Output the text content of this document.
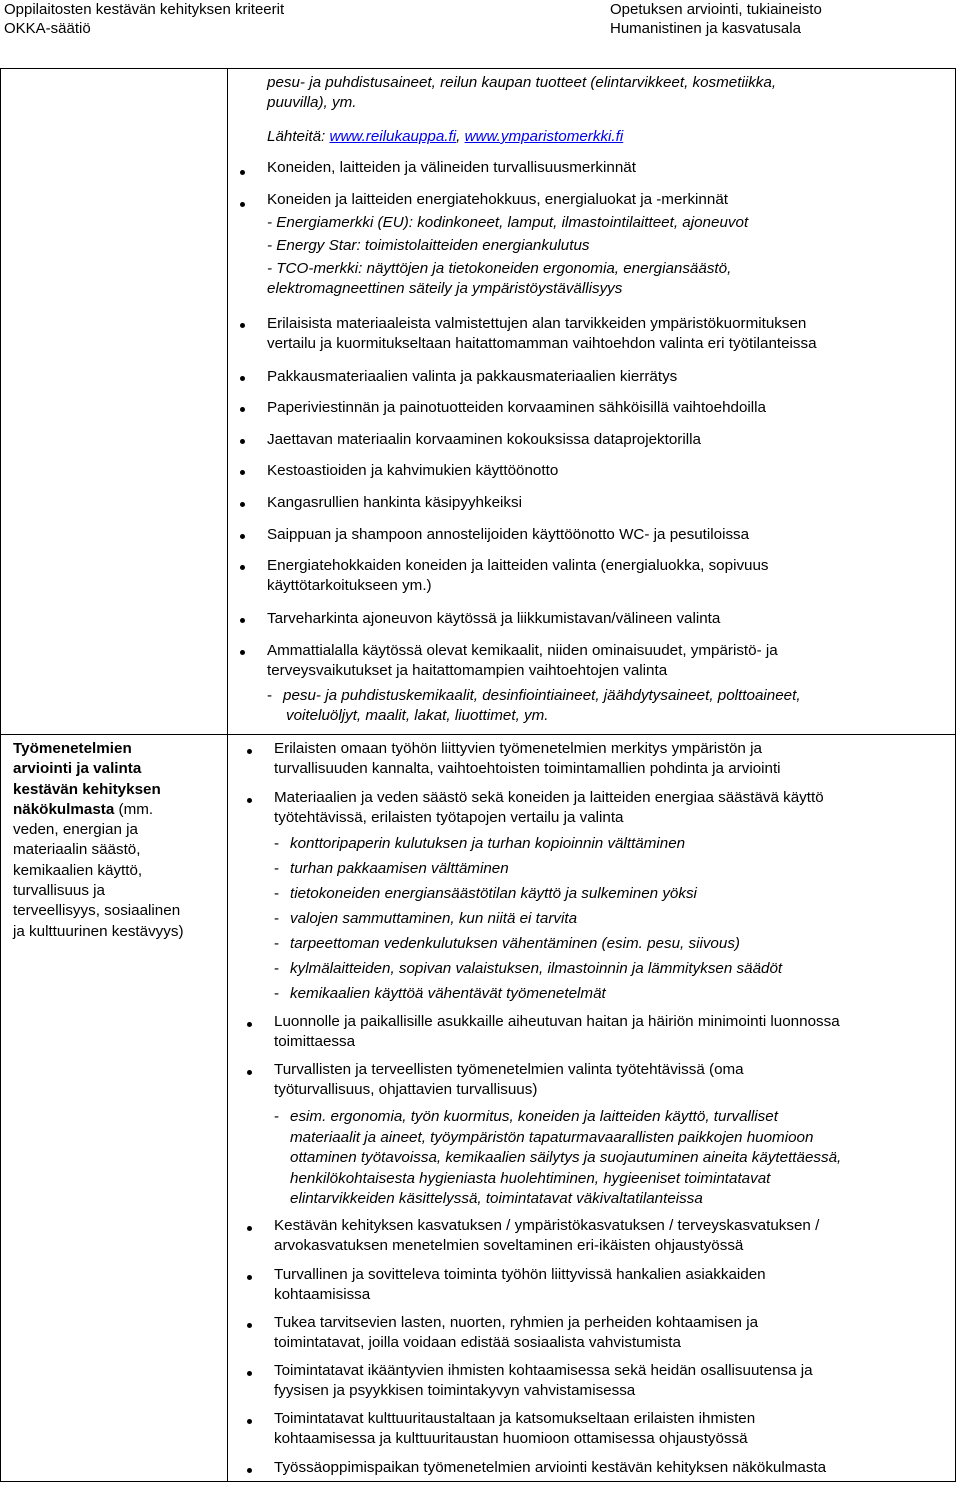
Oppilaitosten kestävän kehityksen kriteerit
OKKA-säätiö
Opetuksen arviointi, tukiaineisto
Humanistinen ja kasvatusala
Työmenetelmien
arviointi ja valinta
kestävän kehityksen
näkökulmasta (mm.
veden, energian ja
materiaalin säästö,
kemikaalien käyttö,
turvallisuus ja
terveellisyys, sosiaalinen
ja kulttuurinen kestävyys)
pesu- ja puhdistusaineet, reilun kaupan tuotteet (elintarvikkeet, kosmetiikka,
puuvilla), ym.
Lähteitä: www.reilukauppa.fi, www.ymparistomerkki.fi
Koneiden, laitteiden ja välineiden turvallisuusmerkinnät
Koneiden ja laitteiden energiatehokkuus, energialuokat ja -merkinnät
- Energiamerkki (EU): kodinkoneet, lamput, ilmastointilaitteet, ajoneuvot
- Energy Star: toimistolaitteiden energiankulutus
- TCO-merkki: näyttöjen ja tietokoneiden ergonomia, energiansäästö,
elektromagneettinen säteily ja ympäristöystävällisyys
Erilaisista materiaaleista valmistettujen alan tarvikkeiden ympäristökuormituksen
vertailu ja kuormitukseltaan haitattomamman vaihtoehdon valinta eri työtilanteissa
Pakkausmateriaalien valinta ja pakkausmateriaalien kierrätys
Paperiviestinnän ja painotuotteiden korvaaminen sähköisillä vaihtoehdoilla
Jaettavan materiaalin korvaaminen kokouksissa dataprojektorilla
Kestoastioiden ja kahvimukien käyttöönotto
Kangasrullien hankinta käsipyyhkeiksi
Saippuan ja shampoon annostelijoiden käyttöönotto WC- ja pesutiloissa
Energiatehokkaiden koneiden ja laitteiden valinta (energialuokka, sopivuus
käyttötarkoitukseen ym.)
Tarveharkinta ajoneuvon käytössä ja liikkumistavan/välineen valinta
Ammattialalla käytössä olevat kemikaalit, niiden ominaisuudet, ympäristö- ja
terveysvaikutukset ja haitattomampien vaihtoehtojen valinta
- pesu- ja puhdistuskemikaalit, desinfiointiaineet, jäähdytysaineet, polttoaineet,
voiteluöljyt, maalit, lakat, liuottimet, ym.
Erilaisten omaan työhön liittyvien työmenetelmien merkitys ympäristön ja
turvallisuuden kannalta, vaihtoehtoisten toimintamallien pohdinta ja arviointi
Materiaalien ja veden säästö sekä koneiden ja laitteiden energiaa säästävä käyttö
työtehtävissä, erilaisten työtapojen vertailu ja valinta
- konttoripaperin kulutuksen ja turhan kopioinnin välttäminen
- turhan pakkaamisen välttäminen
- tietokoneiden energiansäästötilan käyttö ja sulkeminen yöksi
- valojen sammuttaminen, kun niitä ei tarvita
- tarpeettoman vedenkulutuksen vähentäminen (esim. pesu, siivous)
- kylmälaitteiden, sopivan valaistuksen, ilmastoinnin ja lämmityksen säädöt
- kemikaalien käyttöä vähentävät työmenetelmät
Luonnolle ja paikallisille asukkaille aiheutuvan haitan ja häiriön minimointi luonnossa
toimittaessa
Turvallisten ja terveellisten työmenetelmien valinta työtehtävissä (oma
työturvallisuus, ohjattavien turvallisuus)
- esim. ergonomia, työn kuormitus, koneiden ja laitteiden käyttö, turvalliset
materiaalit ja aineet, työympäristön tapaturmavaarallisten paikkojen huomioon
ottaminen työtavoissa, kemikaalien säilytys ja suojautuminen aineita käytettäessä,
henkilökohtaisesta hygieniasta huolehtiminen, hygieeniset toimintatavat
elintarvikkeiden käsittelyssä, toimintatavat väkivaltatilanteissa
Kestävän kehityksen kasvatuksen / ympäristökasvatuksen / terveyskasvatuksen /
arvokasvatuksen menetelmien soveltaminen eri-ikäisten ohjaustyössä
Turvallinen ja sovitteleva toiminta työhön liittyvissä hankalien asiakkaiden
kohtaamisissa
Tukea tarvitsevien lasten, nuorten, ryhmien ja perheiden kohtaamisen ja
toimintatavat, joilla voidaan edistää sosiaalista vahvistumista
Toimintatavat ikääntyvien ihmisten kohtaamisessa sekä heidän osallisuutensa ja
fyysisen ja psyykkisen toimintakyvyn vahvistamisessa
Toimintatavat kulttuuritaustaltaan ja katsomukseltaan erilaisten ihmisten
kohtaamisessa ja kulttuuritaustan huomioon ottamisessa ohjaustyössä
Työssäoppimispaikan työmenetelmien arviointi kestävän kehityksen näkökulmasta
